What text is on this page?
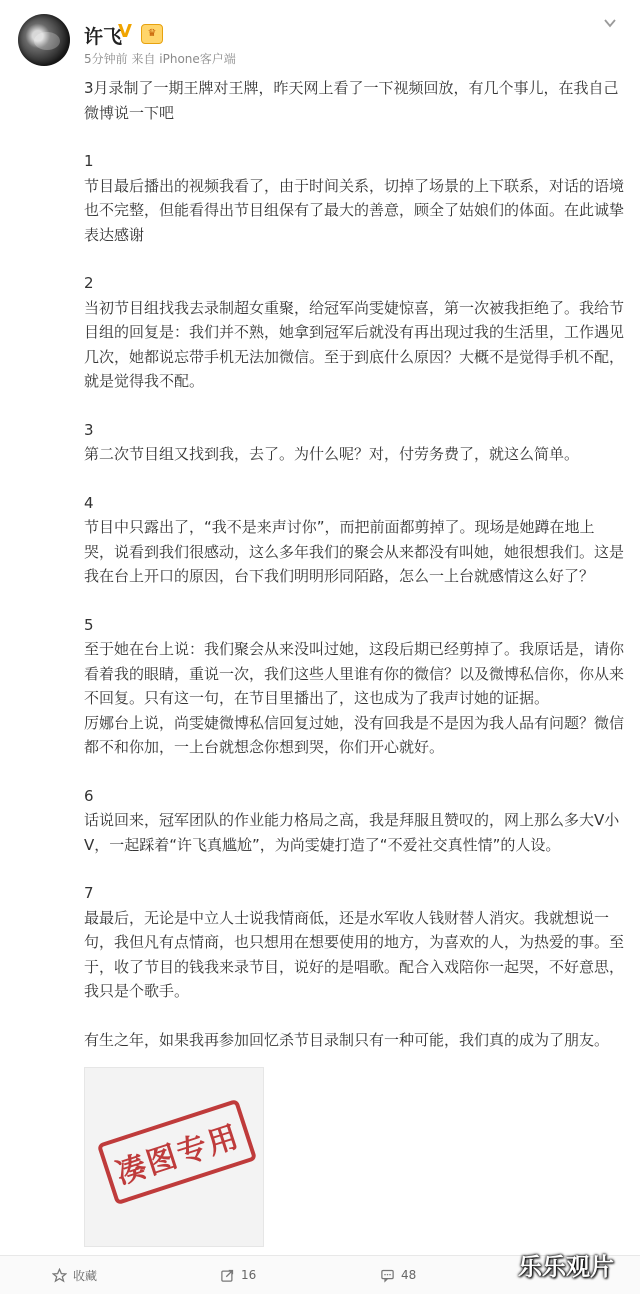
许飞
V	♛
5分钟前 来自 iPhone客户端

3月录制了一期王牌对王牌，昨天网上看了一下视频回放，有几个事儿，在我自己微博说一下吧

1

节目最后播出的视频我看了，由于时间关系，切掉了场景的上下联系，对话的语境也不完整，但能看得出节目组保有了最大的善意，顾全了姑娘们的体面。在此诚挚表达感谢

2

当初节目组找我去录制超女重聚，给冠军尚雯婕惊喜，第一次被我拒绝了。我给节目组的回复是：我们并不熟，她拿到冠军后就没有再出现过我的生活里，工作遇见几次，她都说忘带手机无法加微信。至于到底什么原因？大概不是觉得手机不配，就是觉得我不配。

3

第二次节目组又找到我，去了。为什么呢？对，付劳务费了，就这么简单。

4

节目中只露出了，“我不是来声讨你”，而把前面都剪掉了。现场是她蹲在地上哭，说看到我们很感动，这么多年我们的聚会从来都没有叫她，她很想我们。这是我在台上开口的原因，台下我们明明形同陌路，怎么一上台就感情这么好了？

5

至于她在台上说：我们聚会从来没叫过她，这段后期已经剪掉了。我原话是，请你看着我的眼睛，重说一次，我们这些人里谁有你的微信？以及微博私信你，你从来不回复。只有这一句，在节目里播出了，这也成为了我声讨她的证据。

厉娜台上说，尚雯婕微博私信回复过她，没有回我是不是因为我人品有问题？微信都不和你加，一上台就想念你想到哭，你们开心就好。

6

话说回来，冠军团队的作业能力格局之高，我是拜服且赞叹的，网上那么多大V小V，一起踩着“许飞真尴尬”，为尚雯婕打造了“不爱社交真性情”的人设。

7

最最后，无论是中立人士说我情商低，还是水军收人钱财替人消灾。我就想说一句，我但凡有点情商，也只想用在想要使用的地方，为喜欢的人，为热爱的事。至于，收了节目的钱我来录节目，说好的是唱歌。配合入戏陪你一起哭，不好意思，我只是个歌手。

有生之年，如果我再参加回忆杀节目录制只有一种可能，我们真的成为了朋友。

凑图专用
收藏	16	48	乐乐观片
